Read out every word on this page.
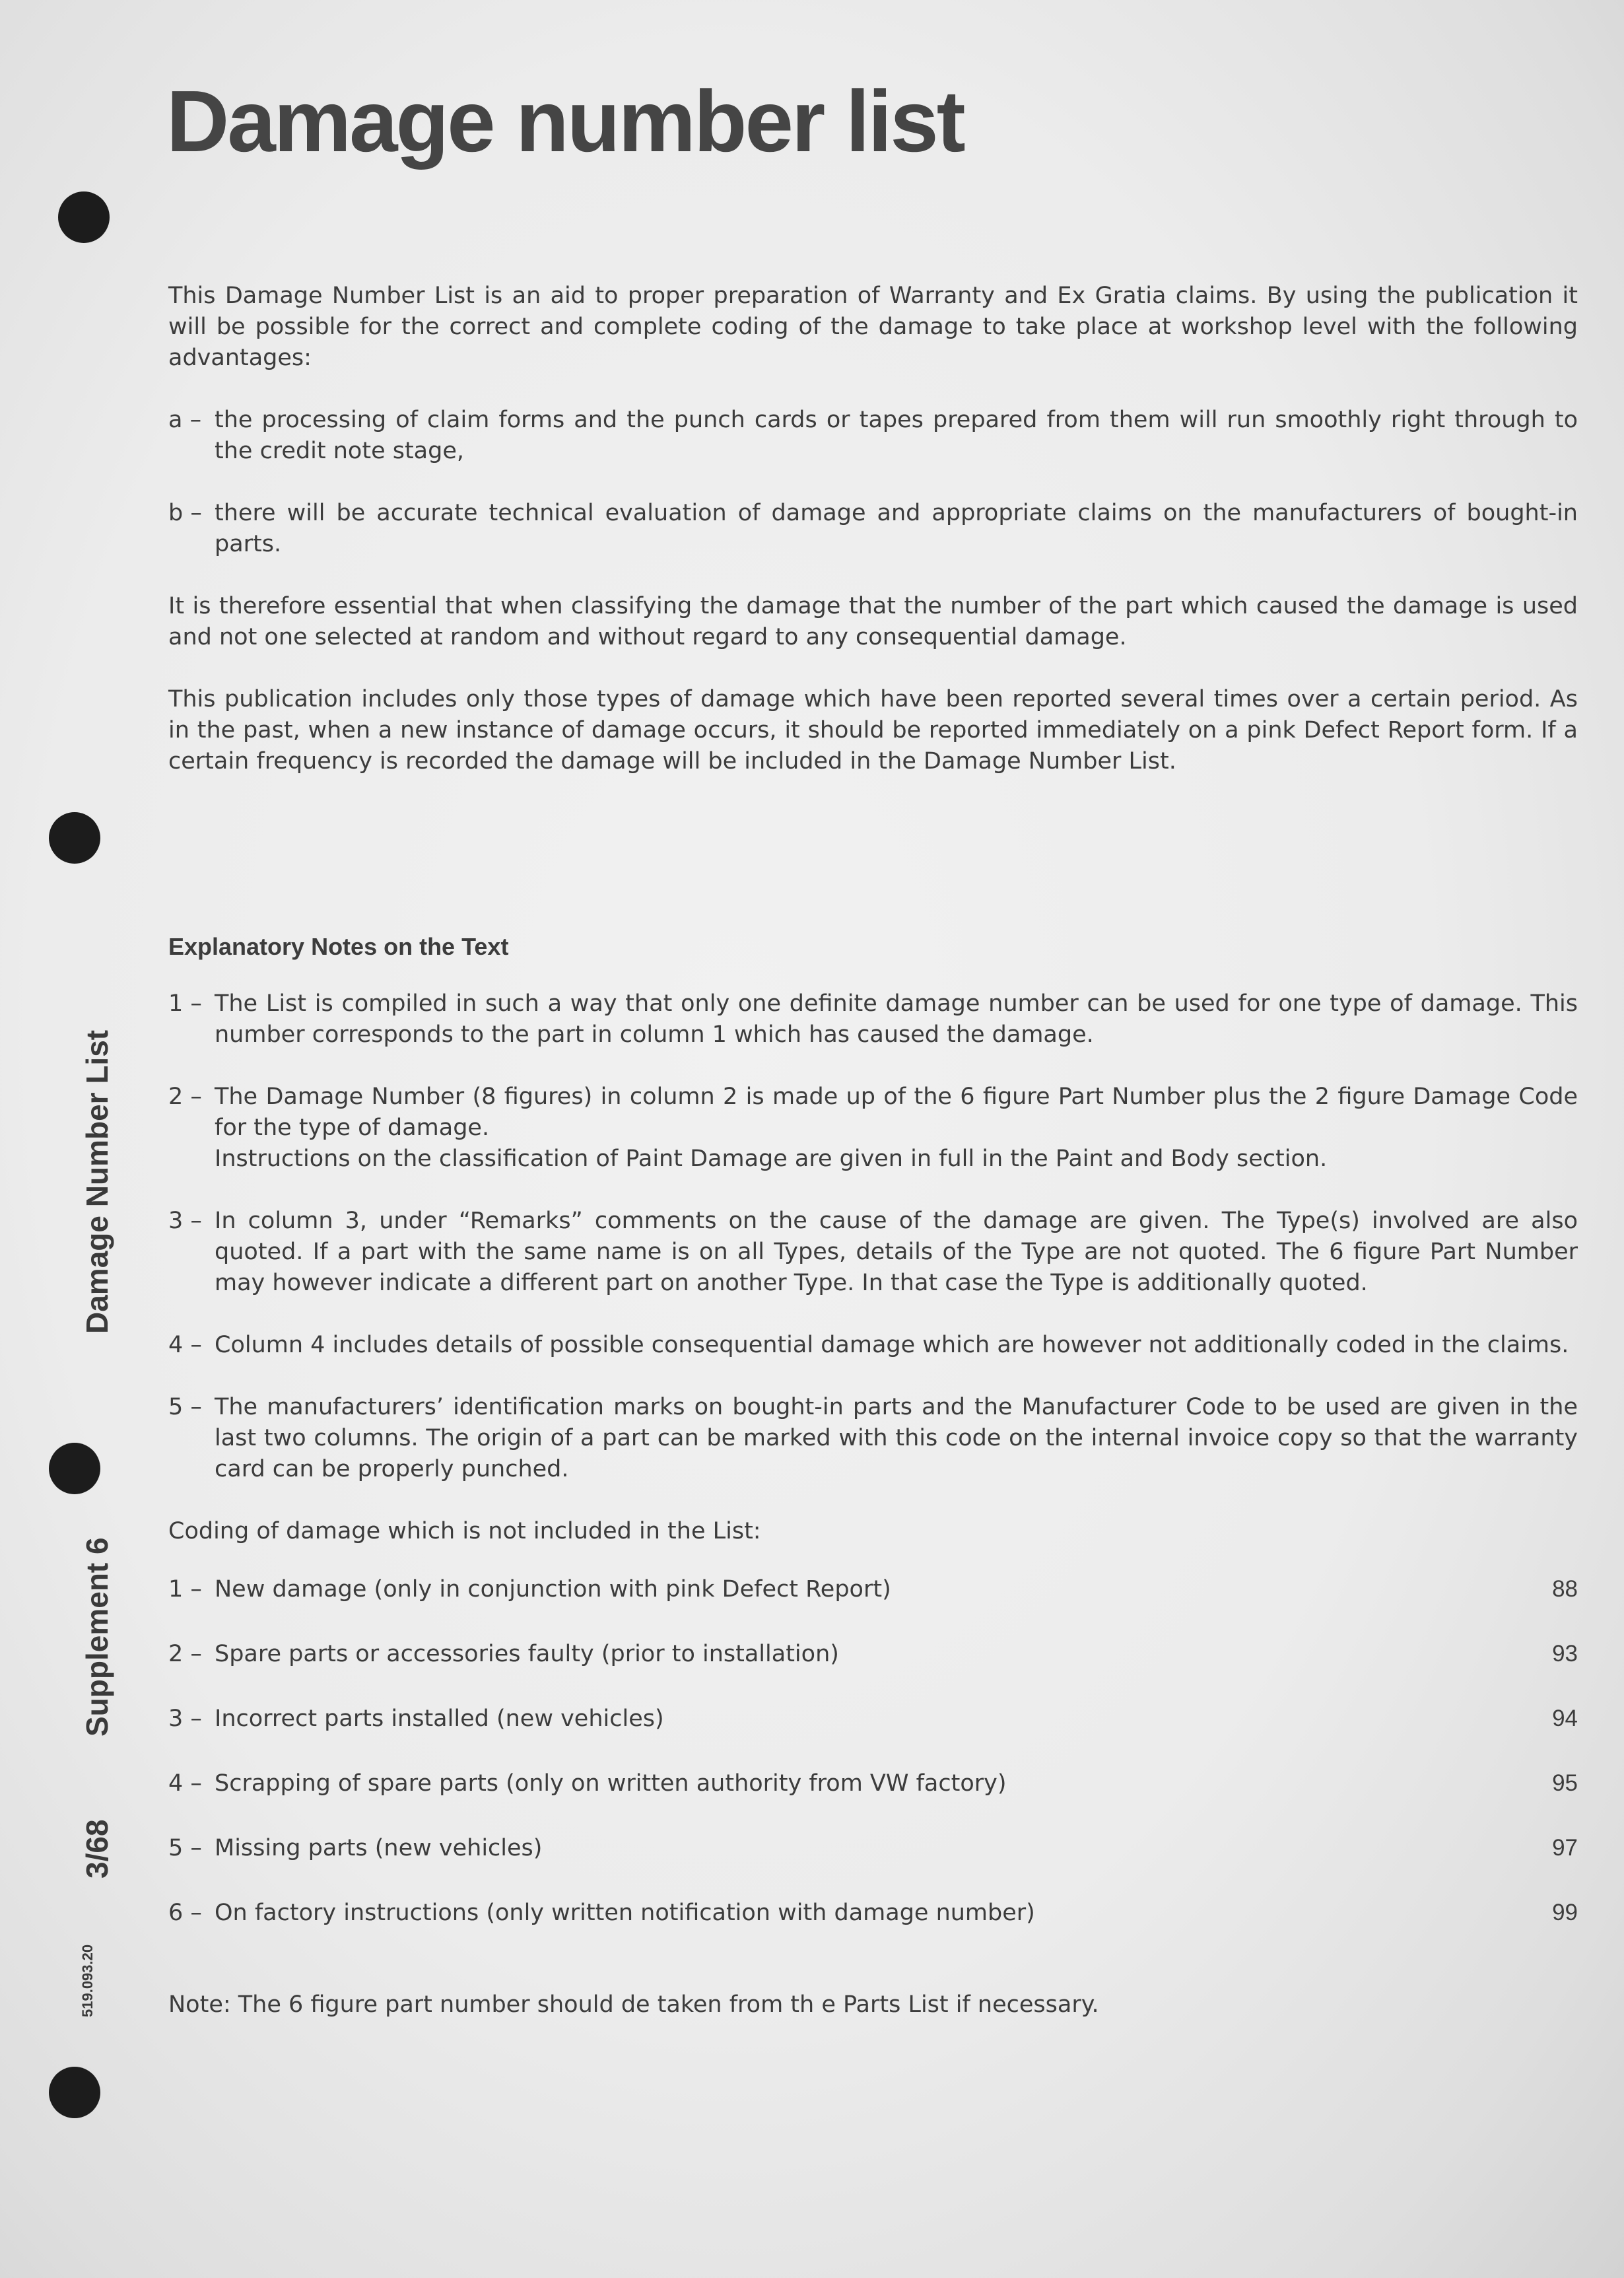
Damage Number List
Supplement 6
3/68
519.093.20
Damage number list

This Damage Number List is an aid to proper preparation of Warranty and Ex Gratia claims. By using the publication it will be possible for the correct and complete coding of the damage to take place at workshop level with the following advantages:

a – the processing of claim forms and the punch cards or tapes prepared from them will run smoothly right through to the credit note stage,
b – there will be accurate technical evaluation of damage and appropriate claims on the manufacturers of bought-in parts.

It is therefore essential that when classifying the damage that the number of the part which caused the damage is used and not one selected at random and without regard to any consequential damage.

This publication includes only those types of damage which have been reported several times over a certain period. As in the past, when a new instance of damage occurs, it should be reported immediately on a pink Defect Report form. If a certain frequency is recorded the damage will be included in the Damage Number List.

Explanatory Notes on the Text
1 – The List is compiled in such a way that only one definite damage number can be used for one type of damage. This number corresponds to the part in column 1 which has caused the damage.
2 – The Damage Number (8 figures) in column 2 is made up of the 6 figure Part Number plus the 2 figure Damage Code for the type of damage.
Instructions on the classification of Paint Damage are given in full in the Paint and Body section.
3 – In column 3, under “Remarks” comments on the cause of the damage are given. The Type(s) involved are also quoted. If a part with the same name is on all Types, details of the Type are not quoted. The 6 figure Part Number may however indicate a different part on another Type. In that case the Type is additionally quoted.
4 – Column 4 includes details of possible consequential damage which are however not additionally coded in the claims.
5 – The manufacturers’ identification marks on bought-in parts and the Manufacturer Code to be used are given in the last two columns. The origin of a part can be marked with this code on the internal invoice copy so that the warranty card can be properly punched.
Coding of damage which is not included in the List:
1 – New damage (only in conjunction with pink Defect Report)	88
2 – Spare parts or accessories faulty (prior to installation)	93
3 – Incorrect parts installed (new vehicles)	94
4 – Scrapping of spare parts (only on written authority from VW factory)	95
5 – Missing parts (new vehicles)	97
6 – On factory instructions (only written notification with damage number)	99

Note: The 6 figure part number should de taken from th e Parts List if necessary.
